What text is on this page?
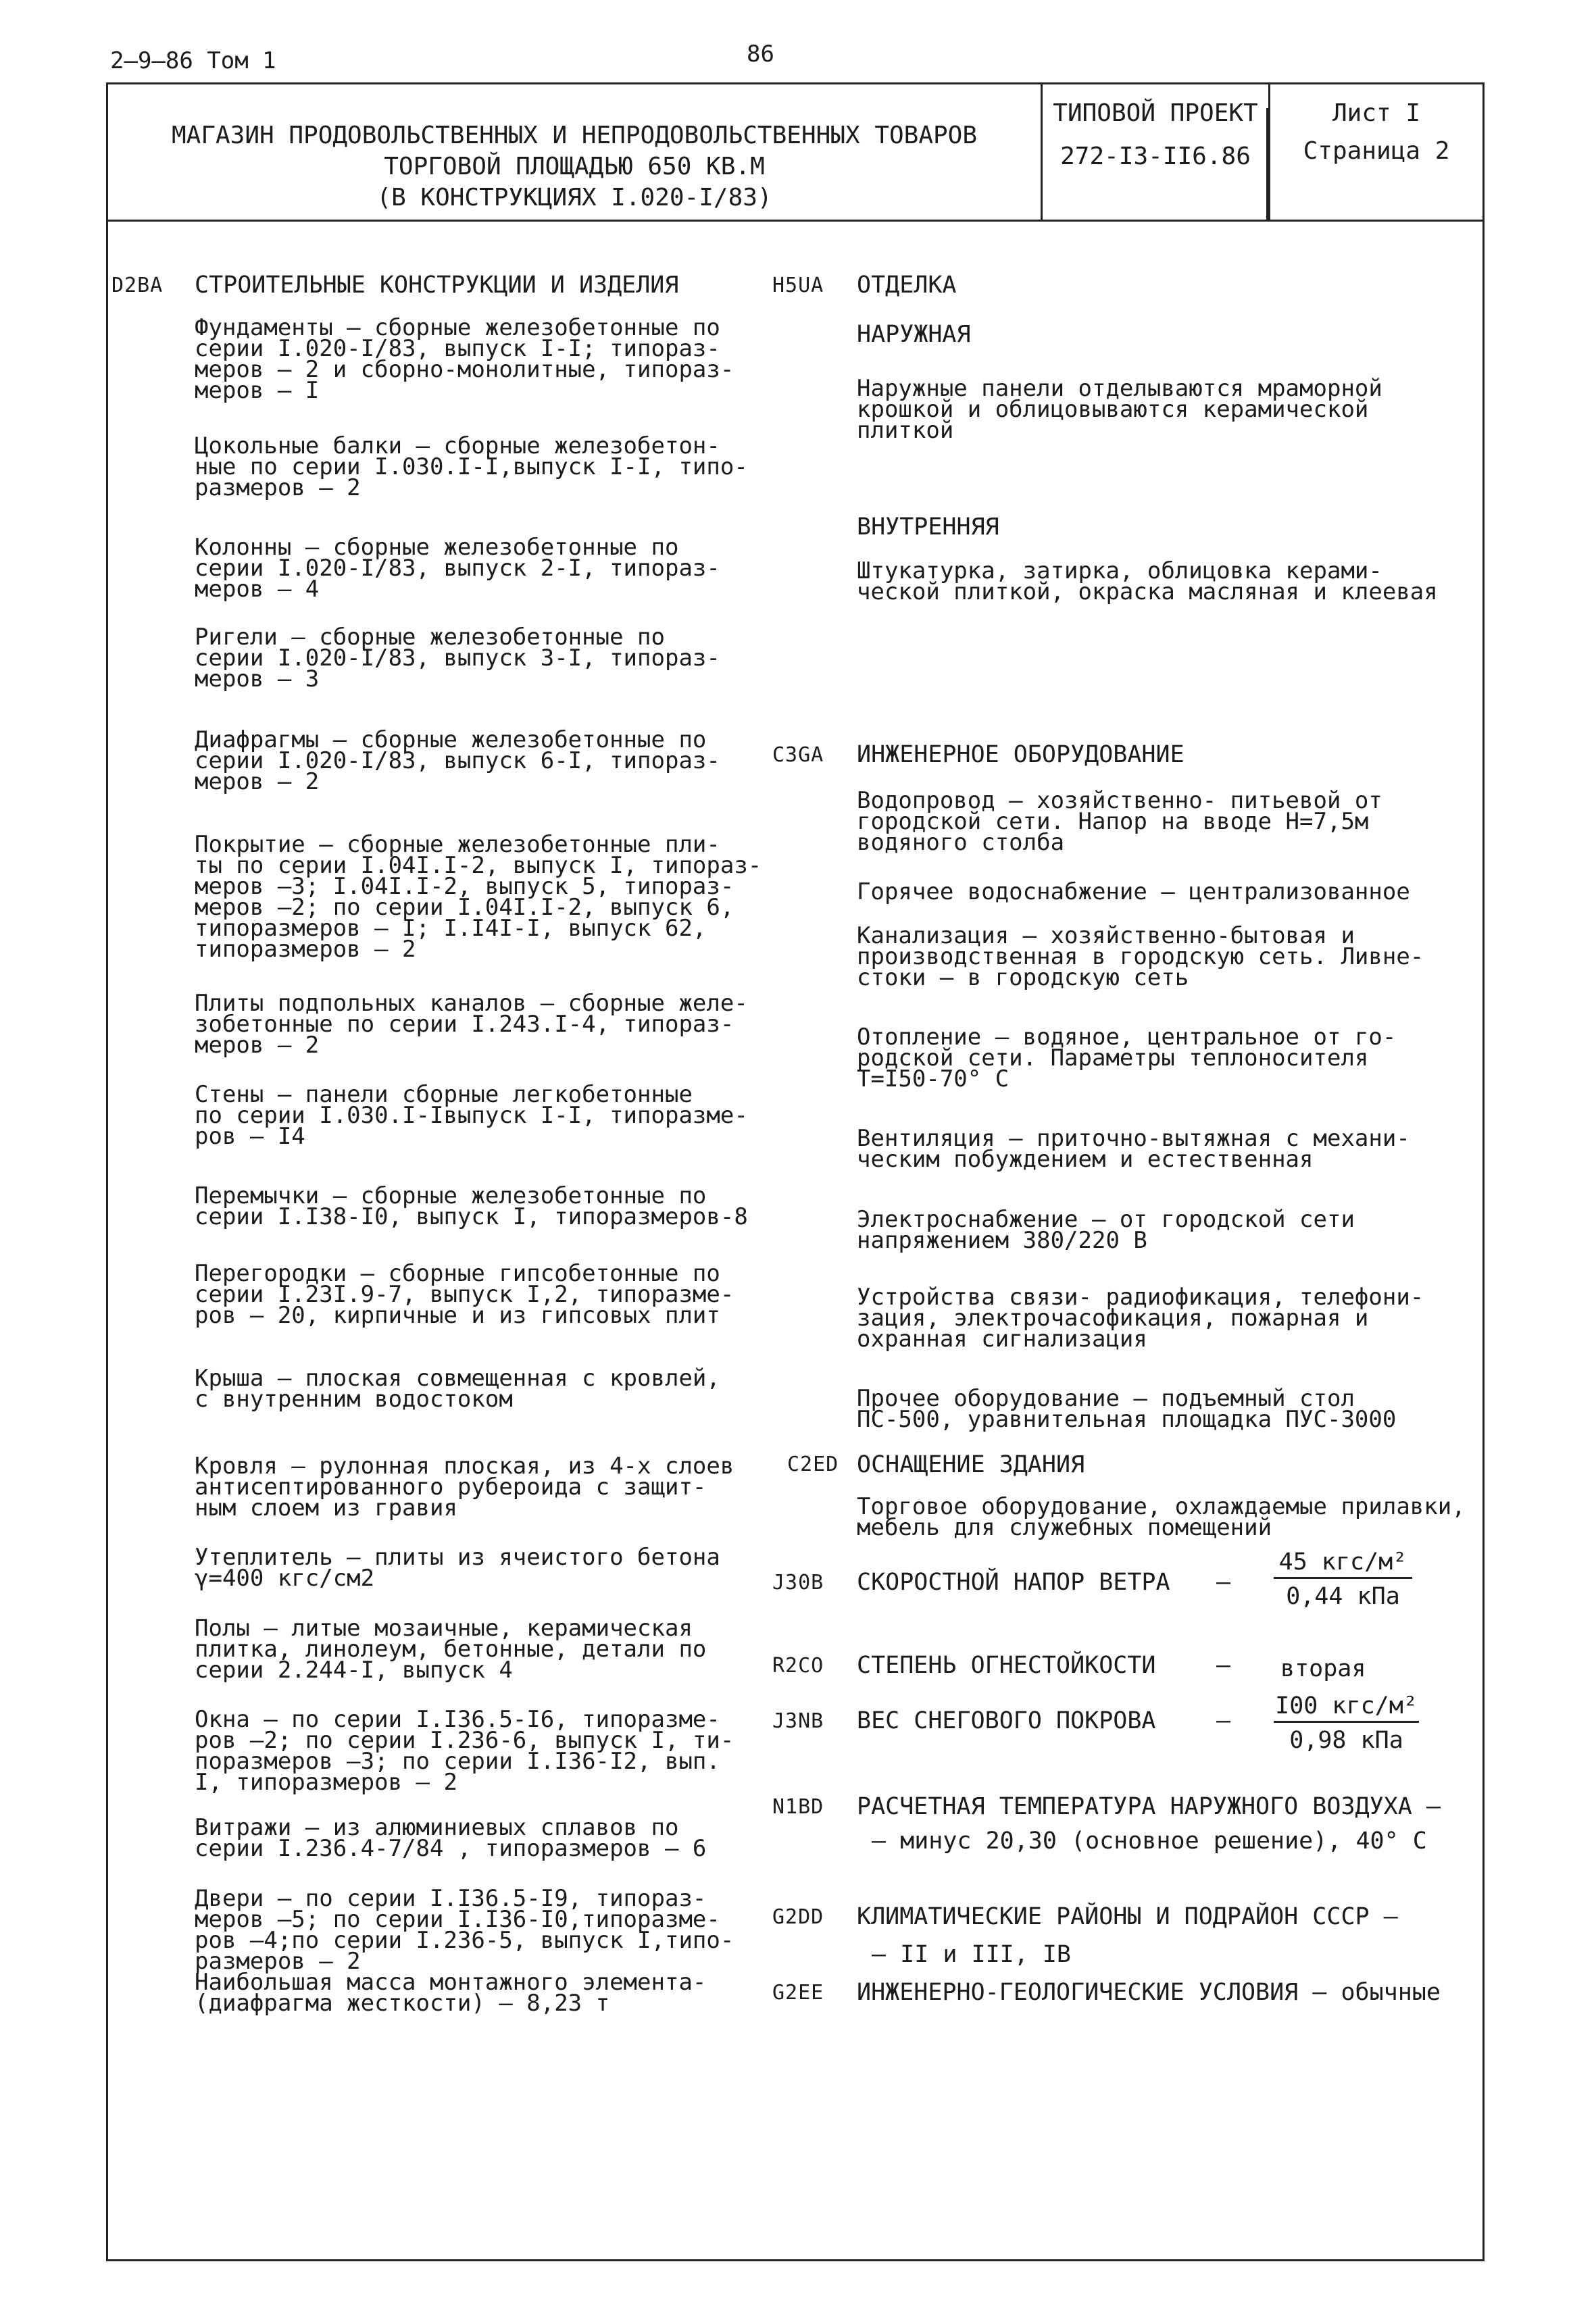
2–9–86 Том 1	86
МАГАЗИН ПРОДОВОЛЬСТВЕННЫХ И НЕПРОДОВОЛЬСТВЕННЫХ ТОВАРОВ
ТОРГОВОЙ ПЛОЩАДЬЮ 650 КВ.М
(В КОНСТРУКЦИЯХ I.020-I/83)
ТИПОВОЙ ПРОЕКТ
272-I3-II6.86
Лист I
Страница 2
D2BA СТРОИТЕЛЬНЫЕ КОНСТРУКЦИИ И ИЗДЕЛИЯ
Фундаменты – сборные железобетонные по
серии I.020-I/83, выпуск I-I; типораз-
меров – 2 и сборно-монолитные, типораз-
меров – I
Цокольные балки – сборные железобетон-
ные по серии I.030.I-I,выпуск I-I, типо-
размеров – 2
Колонны – сборные железобетонные по
серии I.020-I/83, выпуск 2-I, типораз-
меров – 4
Ригели – сборные железобетонные по
серии I.020-I/83, выпуск 3-I, типораз-
меров – 3
Диафрагмы – сборные железобетонные по
серии I.020-I/83, выпуск 6-I, типораз-
меров – 2
Покрытие – сборные железобетонные пли-
ты по серии I.04I.I-2, выпуск I, типораз-
меров –3; I.04I.I-2, выпуск 5, типораз-
меров –2; по серии I.04I.I-2, выпуск 6,
типоразмеров – I; I.I4I-I, выпуск 62,
типоразмеров – 2
Плиты подпольных каналов – сборные желе-
зобетонные по серии I.243.I-4, типораз-
меров – 2
Стены – панели сборные легкобетонные
по серии I.030.I-Iвыпуск I-I, типоразме-
ров – I4
Перемычки – сборные железобетонные по
серии I.I38-I0, выпуск I, типоразмеров-8
Перегородки – сборные гипсобетонные по
серии I.23I.9-7, выпуск I,2, типоразме-
ров – 20, кирпичные и из гипсовых плит
Крыша – плоская совмещенная с кровлей,
с внутренним водостоком
Кровля – рулонная плоская, из 4-х слоев
антисептированного рубероида с защит-
ным слоем из гравия
Утеплитель – плиты из ячеистого бетона
γ=400 кгс/см2
Полы – литые мозаичные, керамическая
плитка, линолеум, бетонные, детали по
серии 2.244-I, выпуск 4
Окна – по серии I.I36.5-I6, типоразме-
ров –2; по серии I.236-6, выпуск I, ти-
поразмеров –3; по серии I.I36-I2, вып.
I, типоразмеров – 2
Витражи – из алюминиевых сплавов по
серии I.236.4-7/84 , типоразмеров – 6
Двери – по серии I.I36.5-I9, типораз-
меров –5; по серии I.I36-I0,типоразме-
ров –4;по серии I.236-5, выпуск I,типо-
размеров – 2
Наибольшая масса монтажного элемента-
(диафрагма жесткости) – 8,23 т
H5UA ОТДЕЛКА
НАРУЖНАЯ
Наружные панели отделываются мраморной
крошкой и облицовываются керамической
плиткой
ВНУТРЕННЯЯ
Штукатурка, затирка, облицовка керами-
ческой плиткой, окраска масляная и клеевая
C3GA ИНЖЕНЕРНОЕ ОБОРУДОВАНИЕ
Водопровод – хозяйственно- питьевой от
городской сети. Напор на вводе H=7,5м
водяного столба
Горячее водоснабжение – централизованное
Канализация – хозяйственно-бытовая и
производственная в городскую сеть. Ливне-
стоки – в городскую сеть
Отопление – водяное, центральное от го-
родской сети. Параметры теплоносителя
T=I50-70° C
Вентиляция – приточно-вытяжная с механи-
ческим побуждением и естественная
Электроснабжение – от городской сети
напряжением 380/220 В
Устройства связи- радиофикация, телефони-
зация, электрочасофикация, пожарная и
охранная сигнализация
Прочее оборудование – подъемный стол
ПС-500, уравнительная площадка ПУС-3000
C2ED ОСНАЩЕНИЕ ЗДАНИЯ
Торговое оборудование, охлаждаемые прилавки,
мебель для служебных помещений
J30B СКОРОСТНОЙ НАПОР ВЕТРА –
45 кгс/м²
0,44 кПа
R2CO СТЕПЕНЬ ОГНЕСТОЙКОСТИ	– вторая
J3NB ВЕС СНЕГОВОГО ПОКРОВА	–
I00 кгс/м²
0,98 кПа
N1BD РАСЧЕТНАЯ ТЕМПЕРАТУРА НАРУЖНОГО ВОЗДУХА –
– минус 20,30 (основное решение), 40° С
G2DD КЛИМАТИЧЕСКИЕ РАЙОНЫ И ПОДРАЙОН СССР –
– II и III, IB
G2EE ИНЖЕНЕРНО-ГЕОЛОГИЧЕСКИЕ УСЛОВИЯ – обычные
